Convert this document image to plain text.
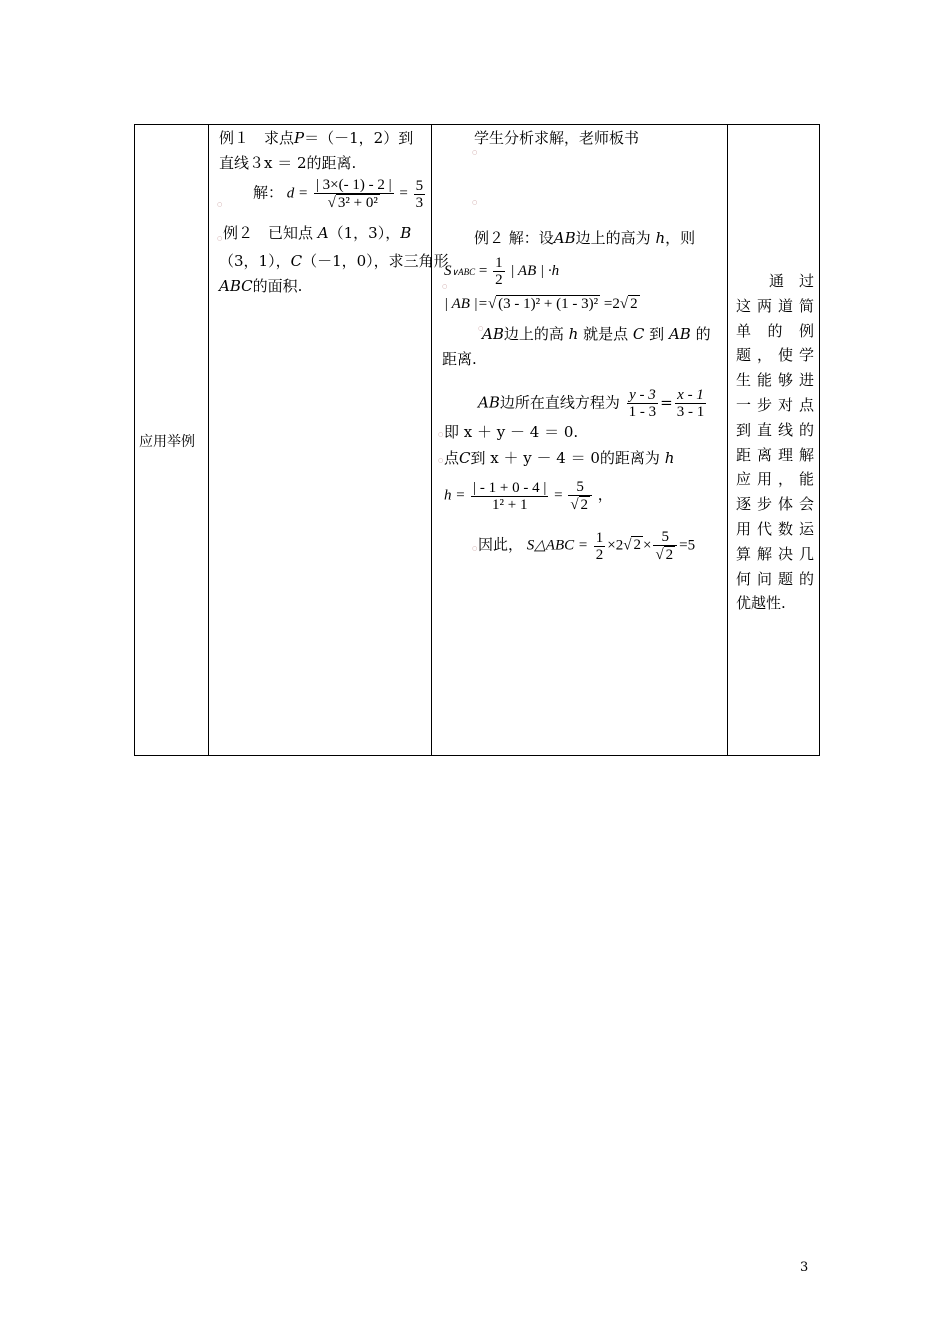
应用举例
例１　求点P＝（－1，2）到
直线３x ＝ 2的距离.
○
解： $d = \frac{| 3\times(- 1) - 2 |}{\text{√ 3² + 0²}} = \frac{5}{3}$
○ 例２　已知点 A（1，3），B
（3，1），C（－1，0），求三角形
ABC的面积.
学生分析求解，老师板书
○
○
例２ 解：设AB边上的高为 h，则
S∨ABC = $\frac{1}{2}$ | AB | ·h
○
| AB |=√ (3 - 1)² + (1 - 3)² =2√ 2
○
AB边上的高 h 就是点 C 到 AB 的
距离.
AB边所在直线方程为 $\frac{y - 3}{1 - 3} = \frac{x - 1}{3 - 1}$
○ 即 x ＋ y － 4 ＝ 0.
○ 点C到 x ＋ y － 4 ＝ 0的距离为 h
$h = \frac{| - 1 + 0 - 4 |}{\text{1² + 1}} = \frac{5}{√ 2}$ ，
○ 因此， S△ABC = $\frac{1}{2} \times 2√$ $2 \times \frac{5}{√ 2} =5$
通　过
这两道简
单 的 例
题，使学
生能够进
一步对点
到直线的
距离理解
应用，能
逐步体会
用代数运
算解决几
何问题的
优越性.
3
